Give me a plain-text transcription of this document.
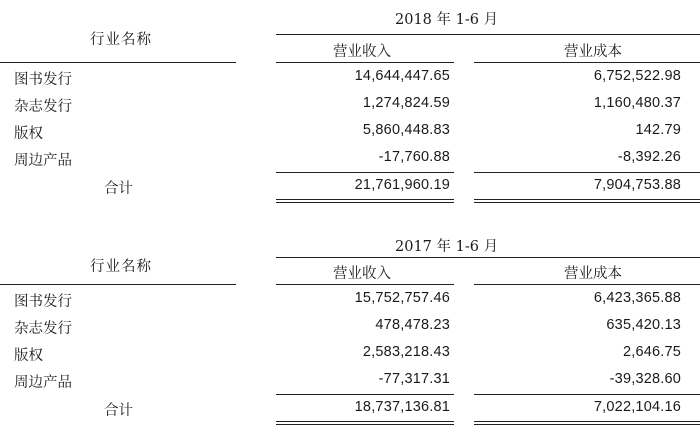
行业名称
2018 年 1-6 月
营业收入	营业成本
图书发行	14,644,447.65	6,752,522.98
杂志发行	1,274,824.59	1,160,480.37
版权	5,860,448.83	142.79
周边产品	-17,760.88	-8,392.26
合计	21,761,960.19	7,904,753.88
行业名称
2017 年 1-6 月
营业收入	营业成本
图书发行	15,752,757.46	6,423,365.88
杂志发行	478,478.23	635,420.13
版权	2,583,218.43	2,646.75
周边产品	-77,317.31	-39,328.60
合计	18,737,136.81	7,022,104.16
